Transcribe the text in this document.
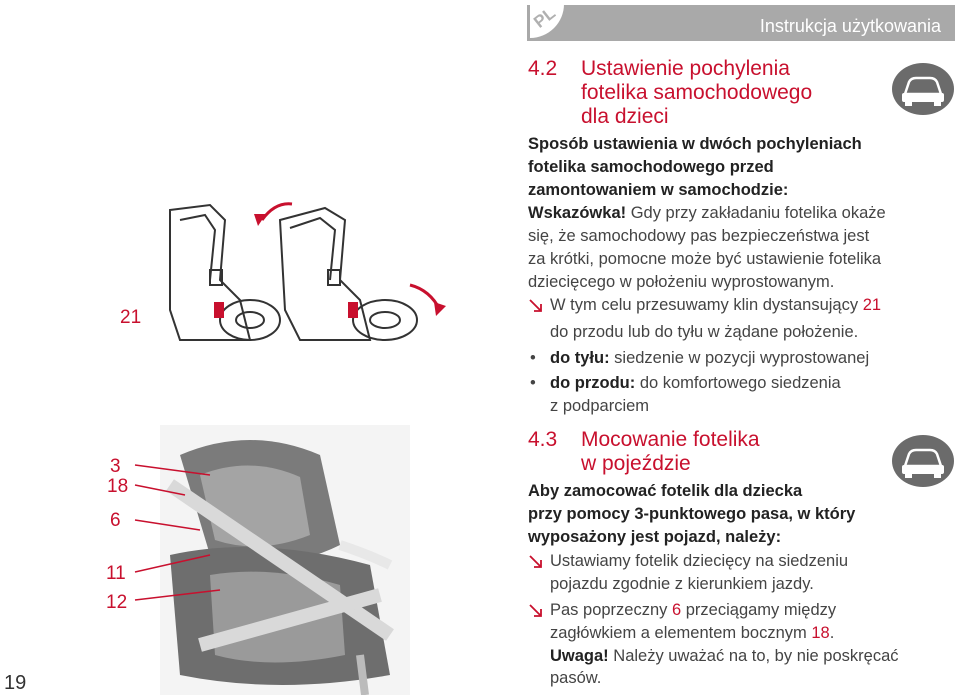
Instrukcja użytkowania
PL
21
3
18
6
11
12
4.2 Ustawienie pochylenia
fotelika samochodowego
dla dzieci
Sposób ustawienia w dwóch pochyleniach
fotelika samochodowego przed
zamontowaniem w samochodzie:
Wskazówka! Gdy przy zakładaniu fotelika okaże
się, że samochodowy pas bezpieczeństwa jest
za krótki, pomocne może być ustawienie fotelika
dziecięcego w położeniu wyprostowanym.
W tym celu przesuwamy klin dystansujący 21
do przodu lub do tyłu w żądane położenie.
• do tyłu: siedzenie w pozycji wyprostowanej
• do przodu: do komfortowego siedzenia
z podparciem
4.3 Mocowanie fotelika
w pojeździe
Aby zamocować fotelik dla dziecka
przy pomocy 3-punktowego pasa, w który
wyposażony jest pojazd, należy:
Ustawiamy fotelik dziecięcy na siedzeniu
pojazdu zgodnie z kierunkiem jazdy.
Pas poprzeczny 6 przeciągamy między
zagłówkiem a elementem bocznym 18.
Uwaga! Należy uważać na to, by nie poskręcać
pasów.
19
